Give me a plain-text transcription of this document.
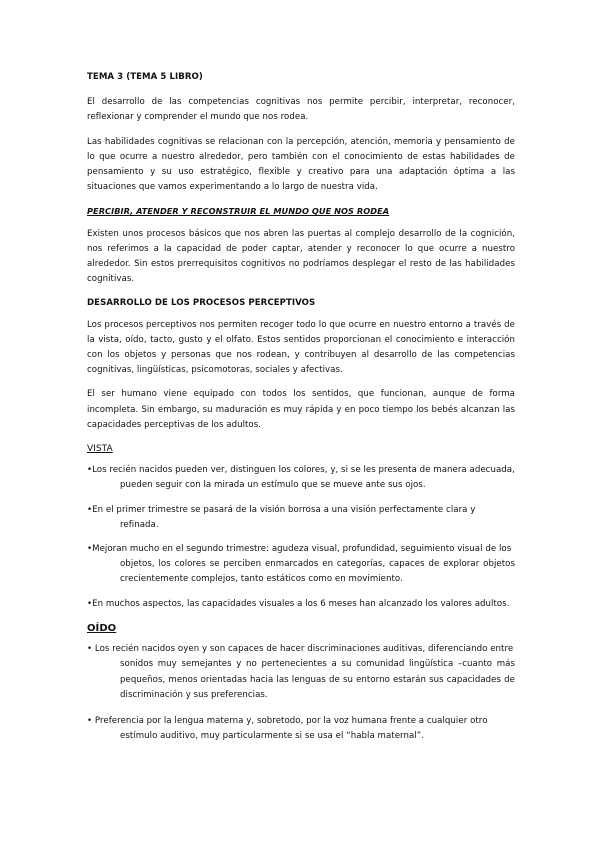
TEMA 3 (TEMA 5 LIBRO)

El desarrollo de las competencias cognitivas nos permite percibir, interpretar, reconocer, reflexionar y comprender el mundo que nos rodea.

Las habilidades cognitivas se relacionan con la percepción, atención, memoria y pensamiento de lo que ocurre a nuestro alrededor, pero también con el conocimiento de estas habilidades de pensamiento y su uso estratégico, flexible y creativo para una adaptación óptima a las situaciones que vamos experimentando a lo largo de nuestra vida.

PERCIBIR, ATENDER Y RECONSTRUIR EL MUNDO QUE NOS RODEA

Existen unos procesos básicos que nos abren las puertas al complejo desarrollo de la cognición, nos referimos a la capacidad de poder captar, atender y reconocer lo que ocurre a nuestro alrededor. Sin estos prerrequisitos cognitivos no podríamos desplegar el resto de las habilidades cognitivas.

DESARROLLO DE LOS PROCESOS PERCEPTIVOS

Los procesos perceptivos nos permiten recoger todo lo que ocurre en nuestro entorno a través de la vista, oído, tacto, gusto y el olfato. Estos sentidos proporcionan el conocimiento e interacción con los objetos y personas que nos rodean, y contribuyen al desarrollo de las competencias cognitivas, lingüísticas, psicomotoras, sociales y afectivas.

El ser humano viene equipado con todos los sentidos, que funcionan, aunque de forma incompleta. Sin embargo, su maduración es muy rápida y en poco tiempo los bebés alcanzan las capacidades perceptivas de los adultos.

VISTA
•Los recién nacidos pueden ver, distinguen los colores, y, si se les presenta de manera adecuada,
pueden seguir con la mirada un estímulo que se mueve ante sus ojos.
•En el primer trimestre se pasará de la visión borrosa a una visión perfectamente clara y
refinada.
•Mejoran mucho en el segundo trimestre: agudeza visual, profundidad, seguimiento visual de los
objetos, los colores se perciben enmarcados en categorías, capaces de explorar objetos crecientemente complejos, tanto estáticos como en movimiento.
•En muchos aspectos, las capacidades visuales a los 6 meses han alcanzado los valores adultos.
OÍDO
• Los recién nacidos oyen y son capaces de hacer discriminaciones auditivas, diferenciando entre
sonidos muy semejantes y no pertenecientes a su comunidad lingüística –cuanto más pequeños, menos orientadas hacia las lenguas de su entorno estarán sus capacidades de discriminación y sus preferencias.
• Preferencia por la lengua materna y, sobretodo, por la voz humana frente a cualquier otro
estímulo auditivo, muy particularmente si se usa el “habla maternal”.
